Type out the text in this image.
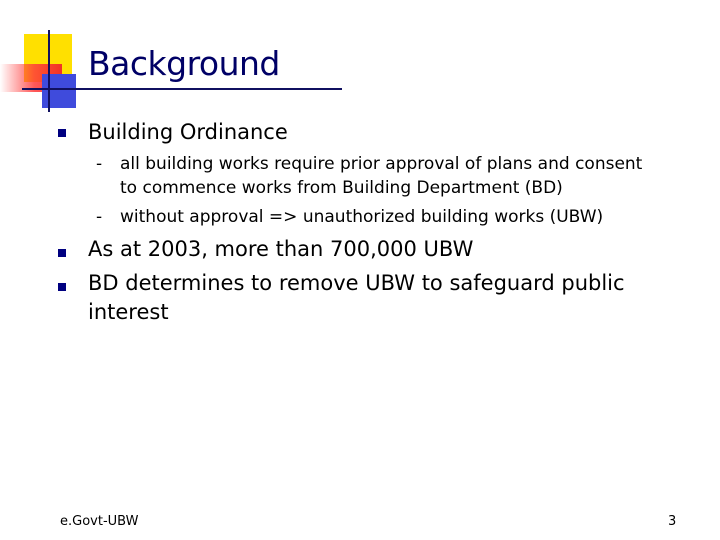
Background
Building Ordinance
- all building works require prior approval of plans and consent
to commence works from Building Department (BD)
- without approval => unauthorized building works (UBW)
As at 2003, more than 700,000 UBW
BD determines to remove UBW to safeguard public
interest
e.Govt-UBW	3
